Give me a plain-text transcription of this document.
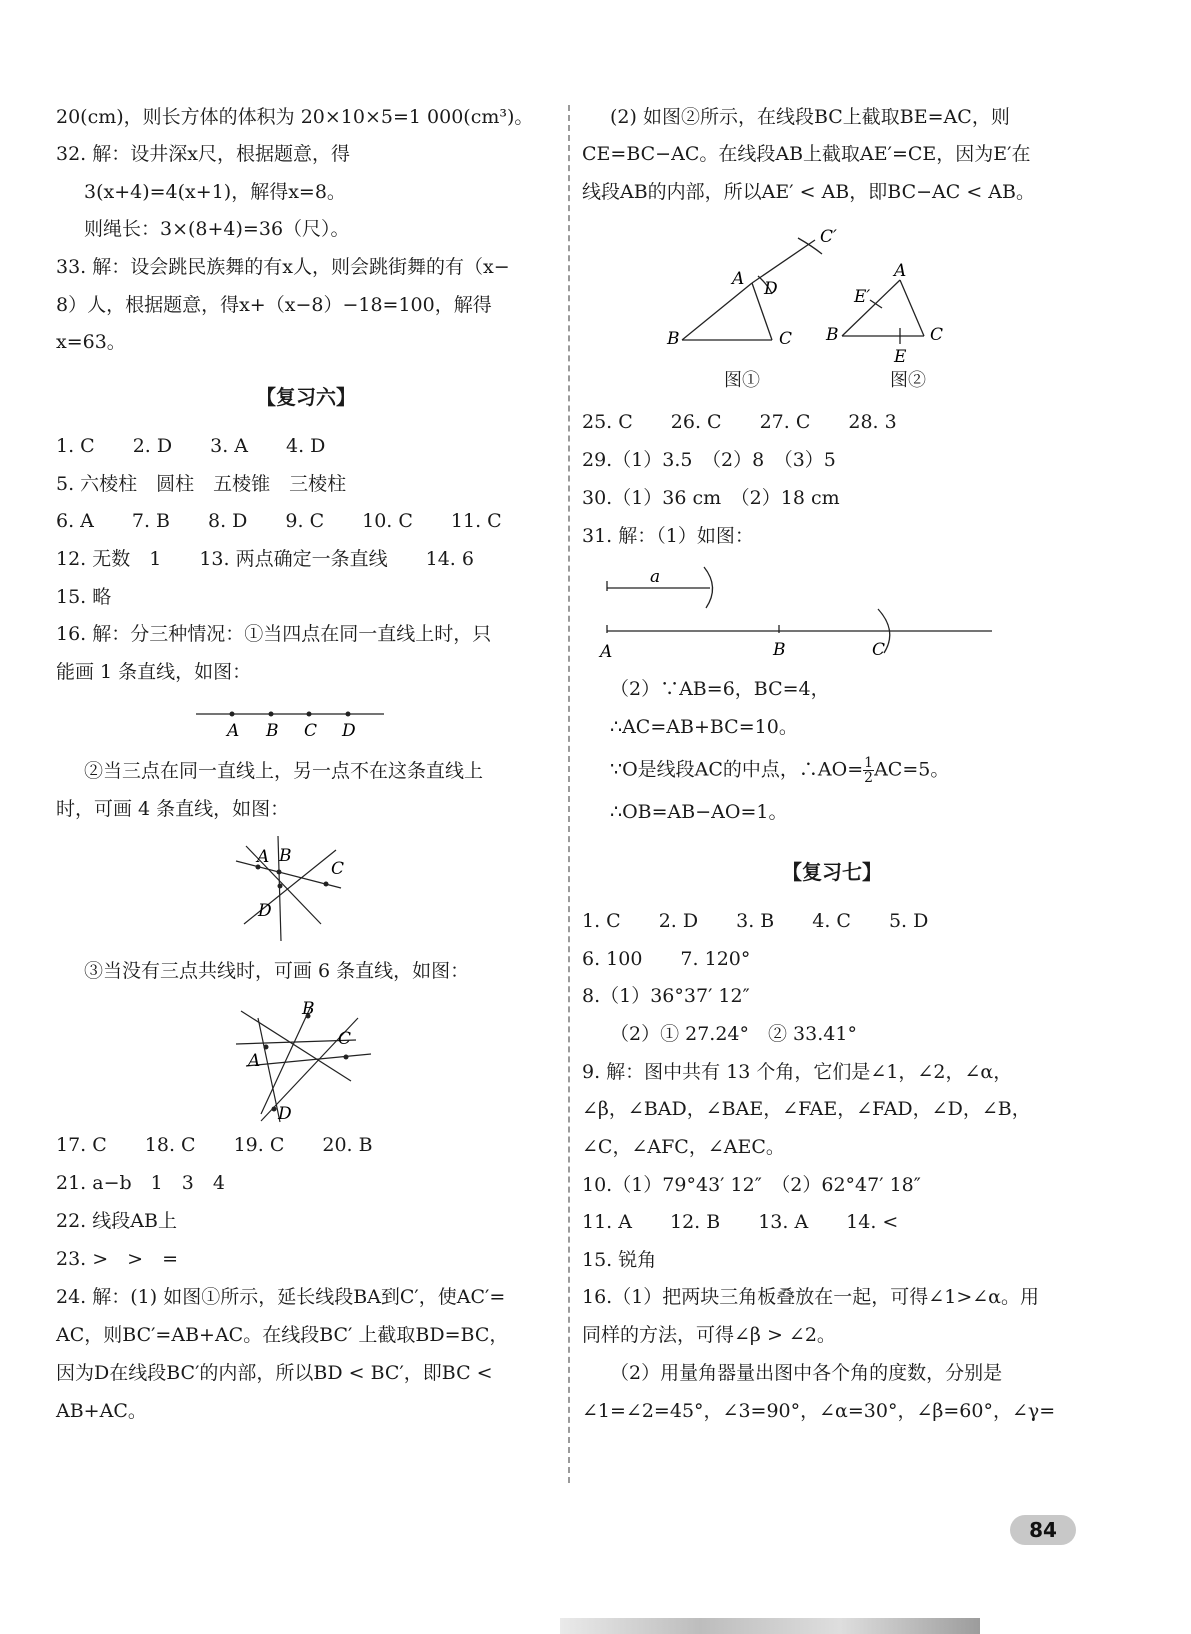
20(cm)，则长方体的体积为 20×10×5=1 000(cm³)。
32. 解：设井深x尺，根据题意，得
3(x+4)=4(x+1)，解得x=8。
则绳长：3×(8+4)=36（尺）。
33. 解：设会跳民族舞的有x人，则会跳街舞的有（x−
8）人，根据题意，得x+（x−8）−18=100，解得
x=63。
【复习六】
1. C　　2. D　　3. A　　4. D
5. 六棱柱　圆柱　五棱锥　三棱柱
6. A　　7. B　　8. D　　9. C　　10. C　　11. C
12. 无数　1　　13. 两点确定一条直线　　14. 6
15. 略
16. 解：分三种情况：①当四点在同一直线上时，只
能画 1 条直线，如图：
A B C D
②当三点在同一直线上，另一点不在这条直线上
时，可画 4 条直线，如图：
A B
C
D
③当没有三点共线时，可画 6 条直线，如图：
B
C
A
D
17. C　　18. C　　19. C　　20. B
21. a−b　1　3　4
22. 线段AB上
23. >　>　=
24. 解：(1) 如图①所示，延长线段BA到C′，使AC′=
AC，则BC′=AB+AC。在线段BC′ 上截取BD=BC，
因为D在线段BC′的内部，所以BD < BC′，即BC <
AB+AC。
(2) 如图②所示，在线段BC上截取BE=AC，则
CE=BC−AC。在线段AB上截取AE′=CE，因为E′在
线段AB的内部，所以AE′ < AB，即BC−AC < AB。
C′
A D
B	C
A
E′
B	C
E
图①	图②
25. C　　26. C　　27. C　　28. 3
29.（1）3.5　（2）8　（3）5
30.（1）36 cm　（2）18 cm
31. 解：（1）如图：
a
A	B	C
（2）∵AB=6，BC=4，
∴AC=AB+BC=10。
∵O是线段AC的中点，∴AO= $\frac{1}{2} AC=5$。
∴OB=AB−AO=1。
【复习七】
1. C　　2. D　　3. B　　4. C　　5. D
6. 100　　7. 120°
8.（1）36°37′ 12″
（2）① 27.24°　② 33.41°
9. 解：图中共有 13 个角，它们是∠1，∠2，∠α，
∠β，∠BAD，∠BAE，∠FAE，∠FAD，∠D，∠B，
∠C，∠AFC，∠AEC。
10.（1）79°43′ 12″　（2）62°47′ 18″
11. A　　12. B　　13. A　　14. <
15. 锐角
16.（1）把两块三角板叠放在一起，可得∠1>∠α。用
同样的方法，可得∠β > ∠2。
（2）用量角器量出图中各个角的度数，分别是
∠1=∠2=45°，∠3=90°，∠α=30°，∠β=60°，∠γ=
84
